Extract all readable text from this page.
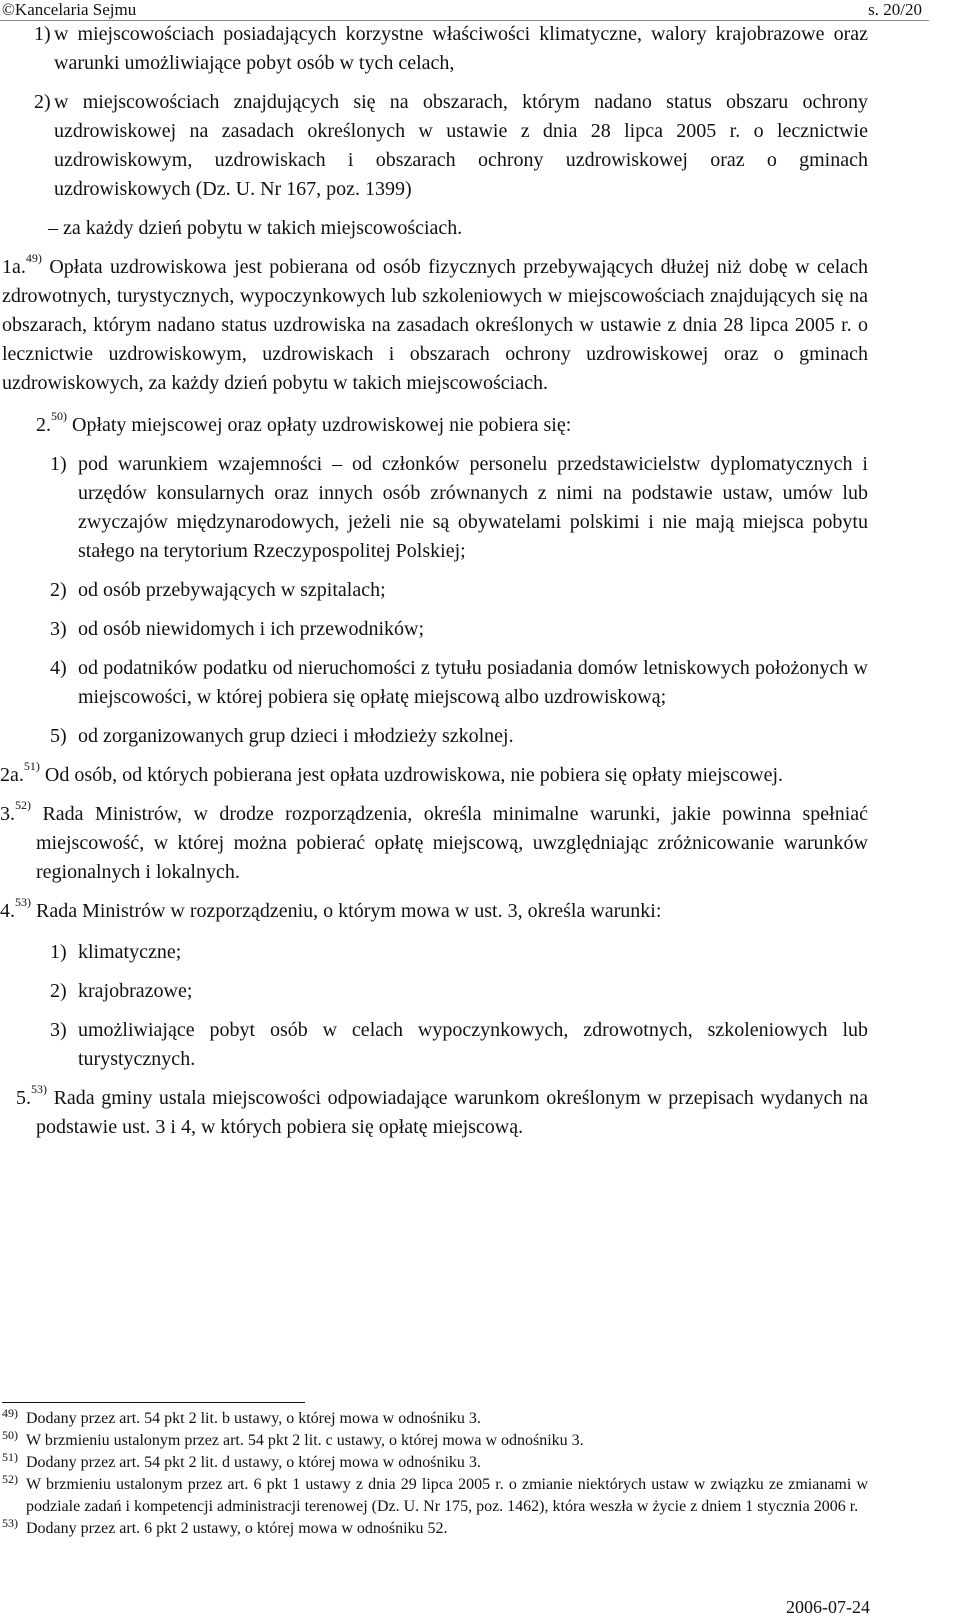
©Kancelaria Sejmu	s. 20/20

1) w miejscowościach posiadających korzystne właściwości klimatyczne, walory krajobrazowe oraz warunki umożliwiające pobyt osób w tych celach,

2) w miejscowościach znajdujących się na obszarach, którym nadano status obszaru ochrony uzdrowiskowej na zasadach określonych w ustawie z dnia 28 lipca 2005 r. o lecznictwie uzdrowiskowym, uzdrowiskach i obszarach ochrony uzdrowiskowej oraz o gminach uzdrowiskowych (Dz. U. Nr 167, poz. 1399)

– za każdy dzień pobytu w takich miejscowościach.

1a.$^{49)}$ Opłata uzdrowiskowa jest pobierana od osób fizycznych przebywających dłużej niż dobę w celach zdrowotnych, turystycznych, wypoczynkowych lub szkoleniowych w miejscowościach znajdujących się na obszarach, którym nadano status uzdrowiska na zasadach określonych w ustawie z dnia 28 lipca 2005 r. o lecznictwie uzdrowiskowym, uzdrowiskach i obszarach ochrony uzdrowiskowej oraz o gminach uzdrowiskowych, za każdy dzień pobytu w takich miejscowościach.

2.$^{50)}$ Opłaty miejscowej oraz opłaty uzdrowiskowej nie pobiera się:

1) pod warunkiem wzajemności – od członków personelu przedstawicielstw dyplomatycznych i urzędów konsularnych oraz innych osób zrównanych z nimi na podstawie ustaw, umów lub zwyczajów międzynarodowych, jeżeli nie są obywatelami polskimi i nie mają miejsca pobytu stałego na terytorium Rzeczypospolitej Polskiej;

2) od osób przebywających w szpitalach;

3) od osób niewidomych i ich przewodników;

4) od podatników podatku od nieruchomości z tytułu posiadania domów letniskowych położonych w miejscowości, w której pobiera się opłatę miejscową albo uzdrowiskową;

5) od zorganizowanych grup dzieci i młodzieży szkolnej.

2a.$^{51)}$ Od osób, od których pobierana jest opłata uzdrowiskowa, nie pobiera się opłaty miejscowej.

3.$^{52)}$ Rada Ministrów, w drodze rozporządzenia, określa minimalne warunki, jakie powinna spełniać miejscowość, w której można pobierać opłatę miejscową, uwzględniając zróżnicowanie warunków regionalnych i lokalnych.

4.$^{53)}$ Rada Ministrów w rozporządzeniu, o którym mowa w ust. 3, określa warunki:

1) klimatyczne;

2) krajobrazowe;

3) umożliwiające pobyt osób w celach wypoczynkowych, zdrowotnych, szkoleniowych lub turystycznych.

5.$^{53)}$ Rada gminy ustala miejscowości odpowiadające warunkom określonym w przepisach wydanych na podstawie ust. 3 i 4, w których pobiera się opłatę miejscową.

49) Dodany przez art. 54 pkt 2 lit. b ustawy, o której mowa w odnośniku 3.

50) W brzmieniu ustalonym przez art. 54 pkt 2 lit. c ustawy, o której mowa w odnośniku 3.

51) Dodany przez art. 54 pkt 2 lit. d ustawy, o której mowa w odnośniku 3.

52) W brzmieniu ustalonym przez art. 6 pkt 1 ustawy z dnia 29 lipca 2005 r. o zmianie niektórych ustaw w związku ze zmianami w podziale zadań i kompetencji administracji terenowej (Dz. U. Nr 175, poz. 1462), która weszła w życie z dniem 1 stycznia 2006 r.

53) Dodany przez art. 6 pkt 2 ustawy, o której mowa w odnośniku 52.

2006-07-24
